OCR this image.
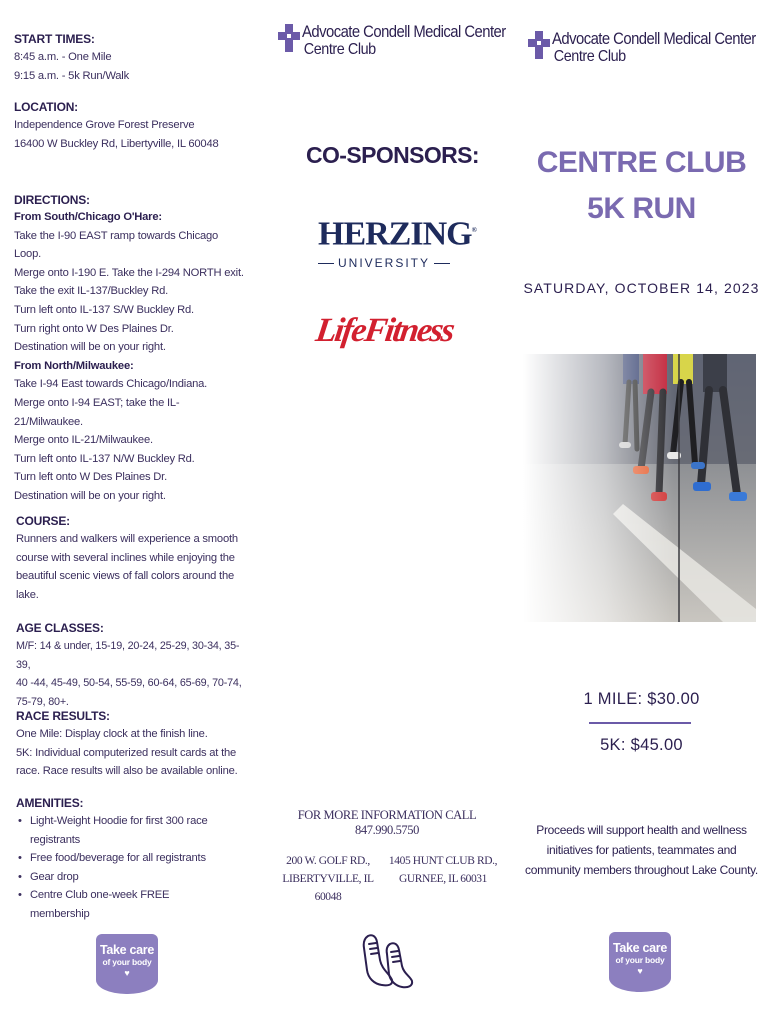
START TIMES:

8:45 a.m. - One Mile

9:15 a.m. - 5k Run/Walk

LOCATION:

Independence Grove Forest Preserve

16400 W Buckley Rd, Libertyville, IL 60048

DIRECTIONS:

From South/Chicago O'Hare:

Take the I-90 EAST ramp towards Chicago Loop.

Merge onto I-190 E. Take the I-294 NORTH exit.

Take the exit IL-137/Buckley Rd.

Turn left onto IL-137 S/W Buckley Rd.

Turn right onto W Des Plaines Dr.

Destination will be on your right.

From North/Milwaukee:

Take I-94 East towards Chicago/Indiana.

Merge onto I-94 EAST; take the IL-21/Milwaukee.

Merge onto IL-21/Milwaukee.

Turn left onto IL-137 N/W Buckley Rd.

Turn left onto W Des Plaines Dr.

Destination will be on your right.

COURSE:

Runners and walkers will experience a smooth

course with several inclines while enjoying the

beautiful scenic views of fall colors around the

lake.

AGE CLASSES:

M/F: 14 & under, 15-19, 20-24, 25-29, 30-34, 35-39,

40 -44, 45-49, 50-54, 55-59, 60-64, 65-69, 70-74,

75-79, 80+.

RACE RESULTS:

One Mile: Display clock at the finish line.

5K: Individual computerized result cards at the

race. Race results will also be available online.

AMENITIES:

• Light-Weight Hoodie for first 300 race registrants
• Free food/beverage for all registrants
• Gear drop
• Centre Club one-week FREE membership
Take care
of your body
♥
Advocate Condell Medical Center
Centre Club
CO-SPONSORS:
HERZING®
UNIVERSITY
LifeFitness
FOR MORE INFORMATION CALL 847.990.5750
200 W. GOLF RD.,
LIBERTYVILLE, IL 60048
1405 HUNT CLUB RD.,
GURNEE, IL 60031
Advocate Condell Medical Center
Centre Club
CENTRE CLUB
5K RUN
SATURDAY, OCTOBER 14, 2023
1 MILE: $30.00
5K: $45.00
Proceeds will support health and wellness
initiatives for patients, teammates and
community members throughout Lake County.
Take care
of your body
♥
